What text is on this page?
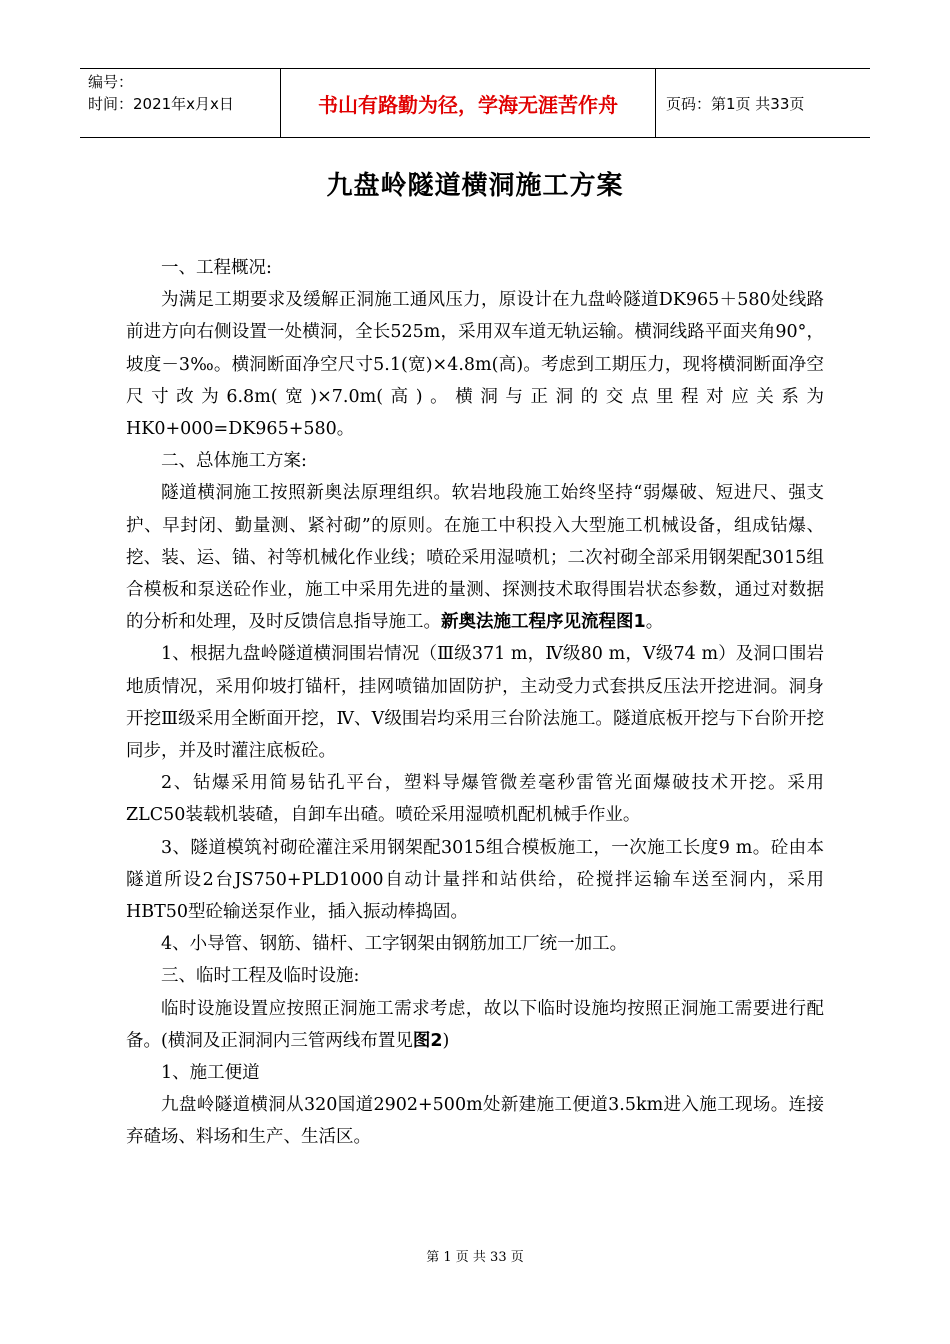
编号：
时间：2021年x月x日	书山有路勤为径，学海无涯苦作舟	页码：第1页 共33页
九盘岭隧道横洞施工方案

一、工程概况:

为满足工期要求及缓解正洞施工通风压力，原设计在九盘岭隧道DK965＋580处线路前进方向右侧设置一处横洞，全长525m，采用双车道无轨运输。横洞线路平面夹角90°，坡度－3‰。横洞断面净空尺寸5.1(宽)×4.8m(高)。考虑到工期压力，现将横洞断面净空尺寸改为6.8m(宽)×7.0m(高)。横洞与正洞的交点里程对应关系为HK0+000=DK965+580。

二、总体施工方案:

隧道横洞施工按照新奥法原理组织。软岩地段施工始终坚持“弱爆破、短进尺、强支护、早封闭、勤量测、紧衬砌”的原则。在施工中积投入大型施工机械设备，组成钻爆、挖、装、运、锚、衬等机械化作业线；喷砼采用湿喷机；二次衬砌全部采用钢架配3015组合模板和泵送砼作业，施工中采用先进的量测、探测技术取得围岩状态参数，通过对数据的分析和处理，及时反馈信息指导施工。新奥法施工程序见流程图1。

1、根据九盘岭隧道横洞围岩情况（Ⅲ级371 m，Ⅳ级80 m，Ⅴ级74 m）及洞口围岩地质情况，采用仰坡打锚杆，挂网喷锚加固防护，主动受力式套拱反压法开挖进洞。洞身开挖Ⅲ级采用全断面开挖，Ⅳ、Ⅴ级围岩均采用三台阶法施工。隧道底板开挖与下台阶开挖同步，并及时灌注底板砼。

2、钻爆采用简易钻孔平台，塑料导爆管微差毫秒雷管光面爆破技术开挖。采用ZLC50装载机装碴，自卸车出碴。喷砼采用湿喷机配机械手作业。

3、隧道模筑衬砌砼灌注采用钢架配3015组合模板施工，一次施工长度9 m。砼由本隧道所设2台JS750+PLD1000自动计量拌和站供给，砼搅拌运输车送至洞内，采用HBT50型砼输送泵作业，插入振动棒捣固。

4、小导管、钢筋、锚杆、工字钢架由钢筋加工厂统一加工。

三、临时工程及临时设施:

临时设施设置应按照正洞施工需求考虑，故以下临时设施均按照正洞施工需要进行配备。(横洞及正洞洞内三管两线布置见图2)

1、施工便道

九盘岭隧道横洞从320国道2902+500m处新建施工便道3.5km进入施工现场。连接弃碴场、料场和生产、生活区。

第 1 页 共 33 页
